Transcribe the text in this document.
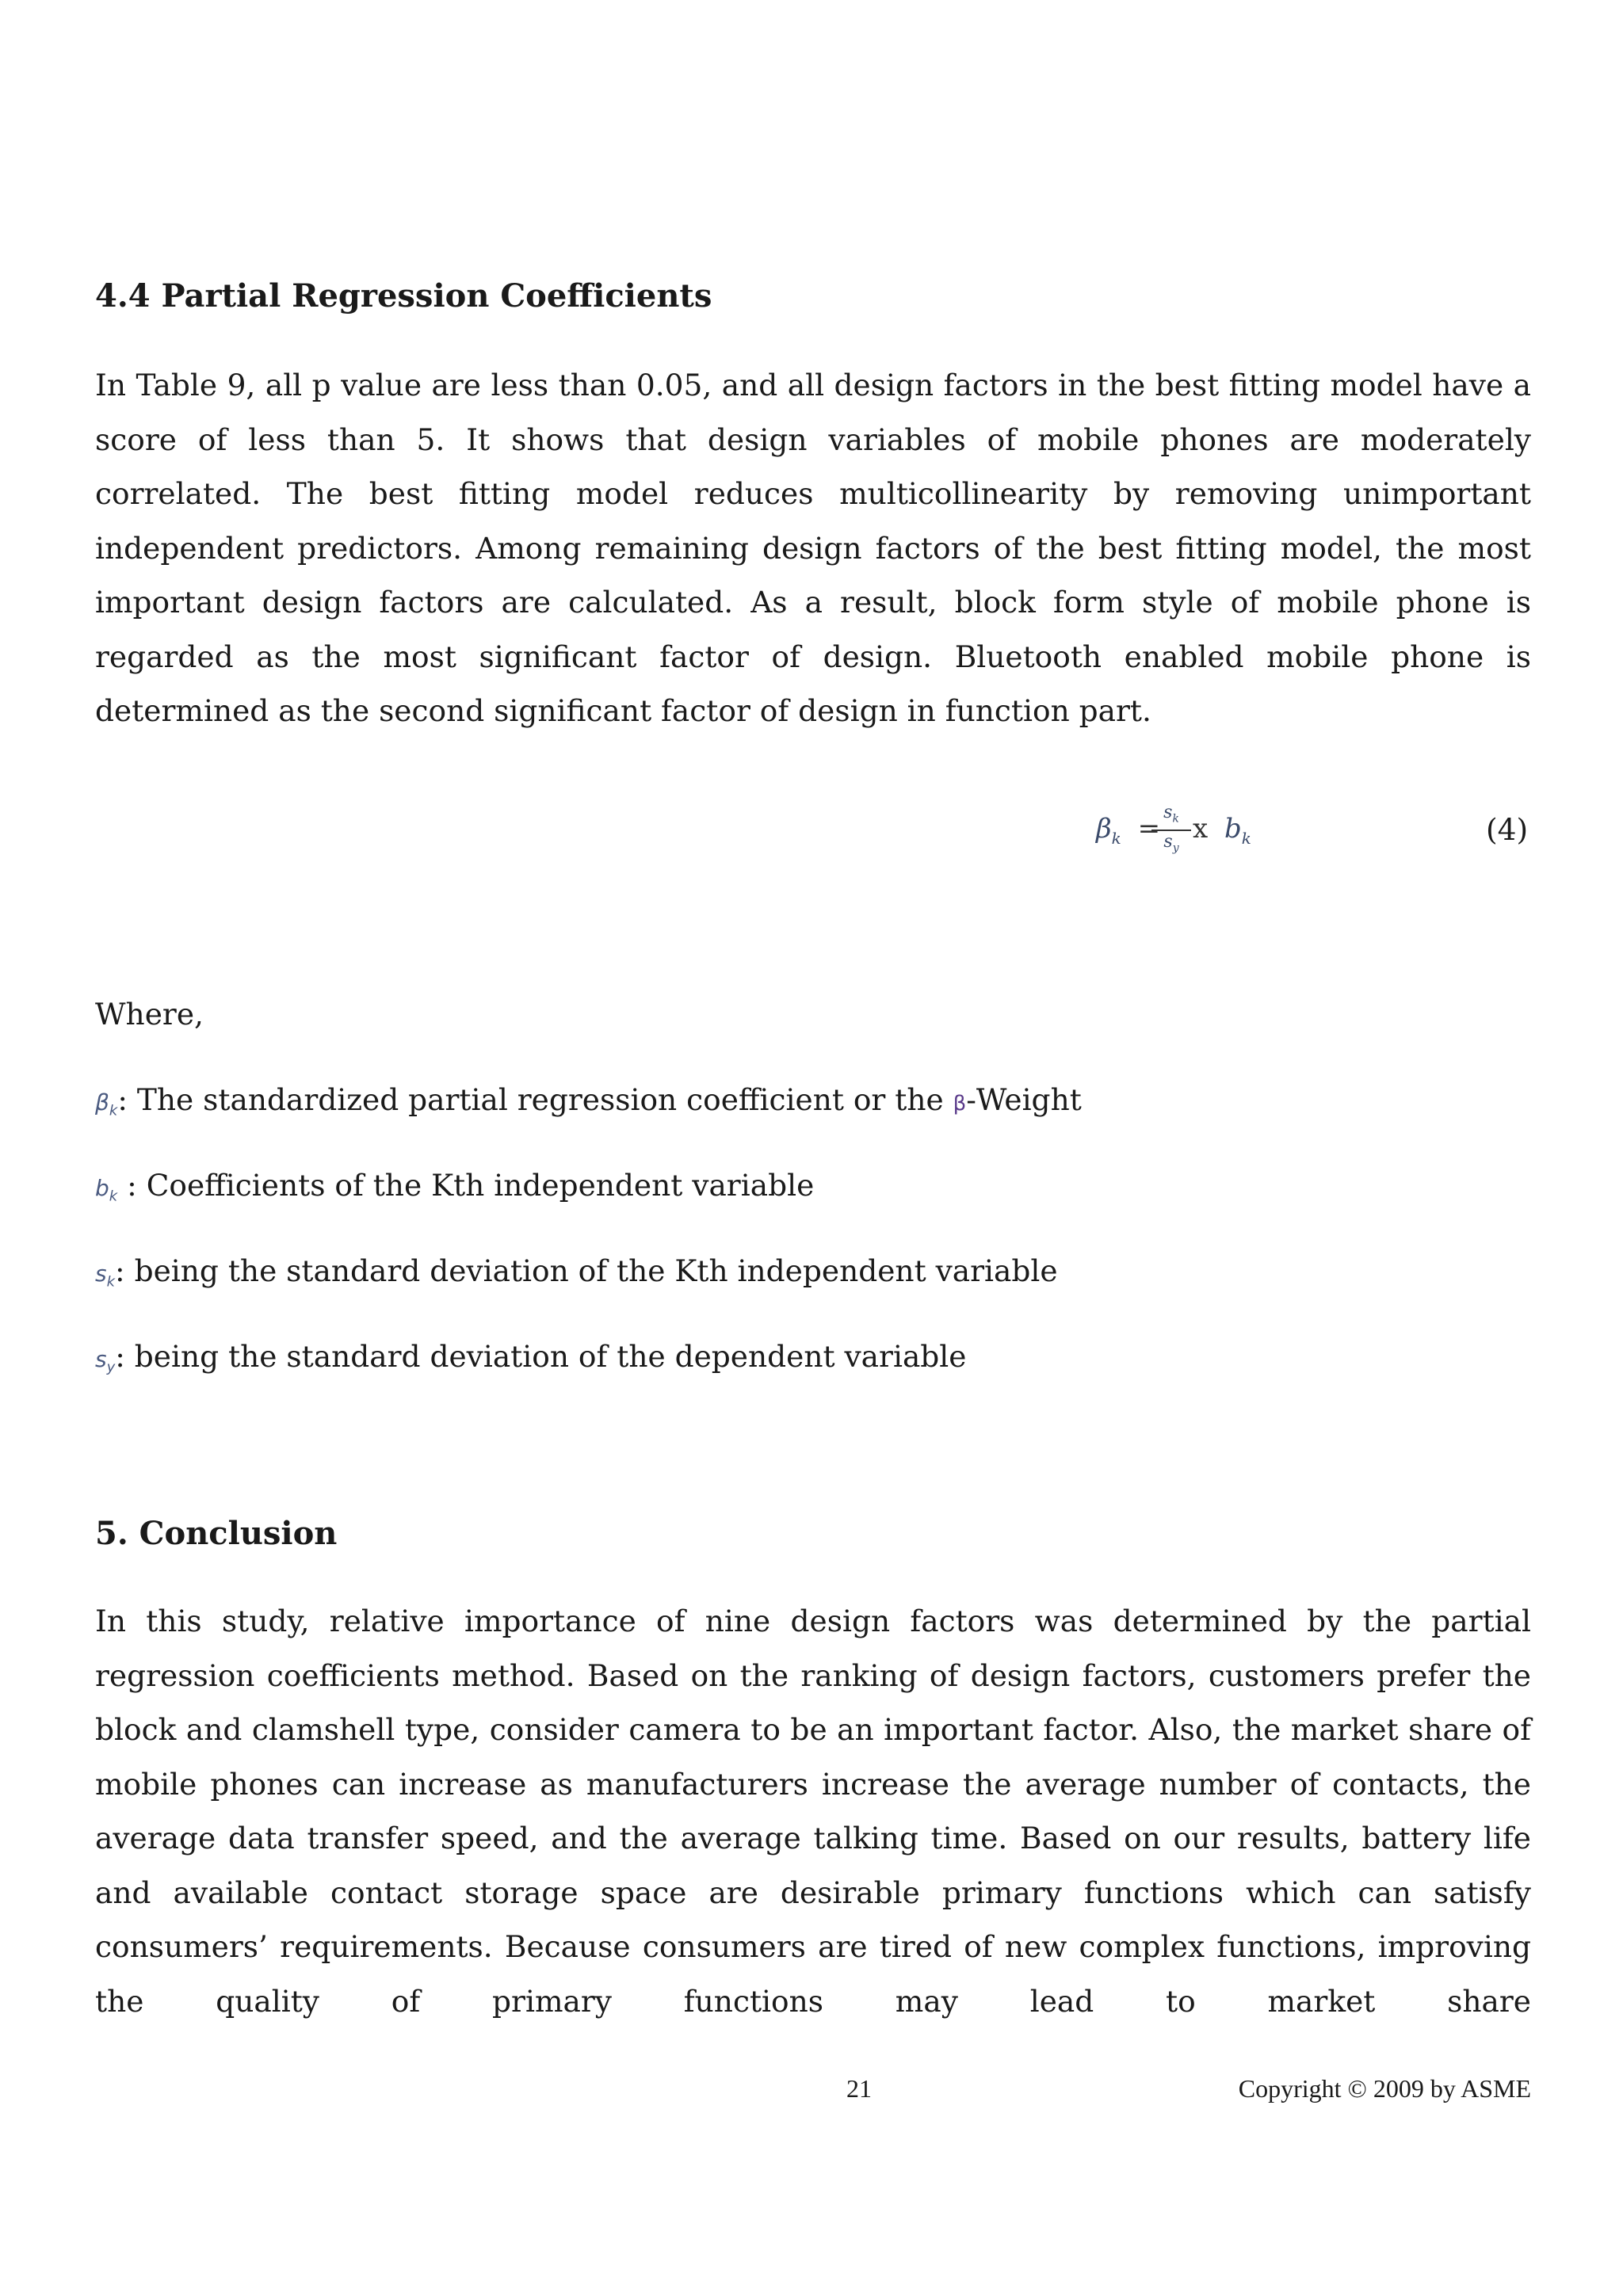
4.4 Partial Regression Coefficients

In Table 9, all p value are less than 0.05, and all design factors in the best fitting model have a score of less than 5. It shows that design variables of mobile phones are moderately correlated. The best fitting model reduces multicollinearity by removing unimportant independent predictors. Among remaining design factors of the best fitting model, the most important design factors are calculated. As a result, block form style of mobile phone is regarded as the most significant factor of design. Bluetooth enabled mobile phone is determined as the second significant factor of design in function part.

$\beta_k$ =
$\frac{s_k}{s_y}$ x $b_k$	(4)
Where,
$\beta_k$: The standardized partial regression coefficient or the β-Weight
$b_k$ : Coefficients of the Kth independent variable
$s_k$: being the standard deviation of the Kth independent variable
$s_y$: being the standard deviation of the dependent variable
5. Conclusion

In this study, relative importance of nine design factors was determined by the partial regression coefficients method. Based on the ranking of design factors, customers prefer the block and clamshell type, consider camera to be an important factor. Also, the market share of mobile phones can increase as manufacturers increase the average number of contacts, the average data transfer speed, and the average talking time. Based on our results, battery life and available contact storage space are desirable primary functions which can satisfy consumers’ requirements. Because consumers are tired of new complex functions, improving the quality of primary functions may lead to market share

21	Copyright © 2009 by ASME
